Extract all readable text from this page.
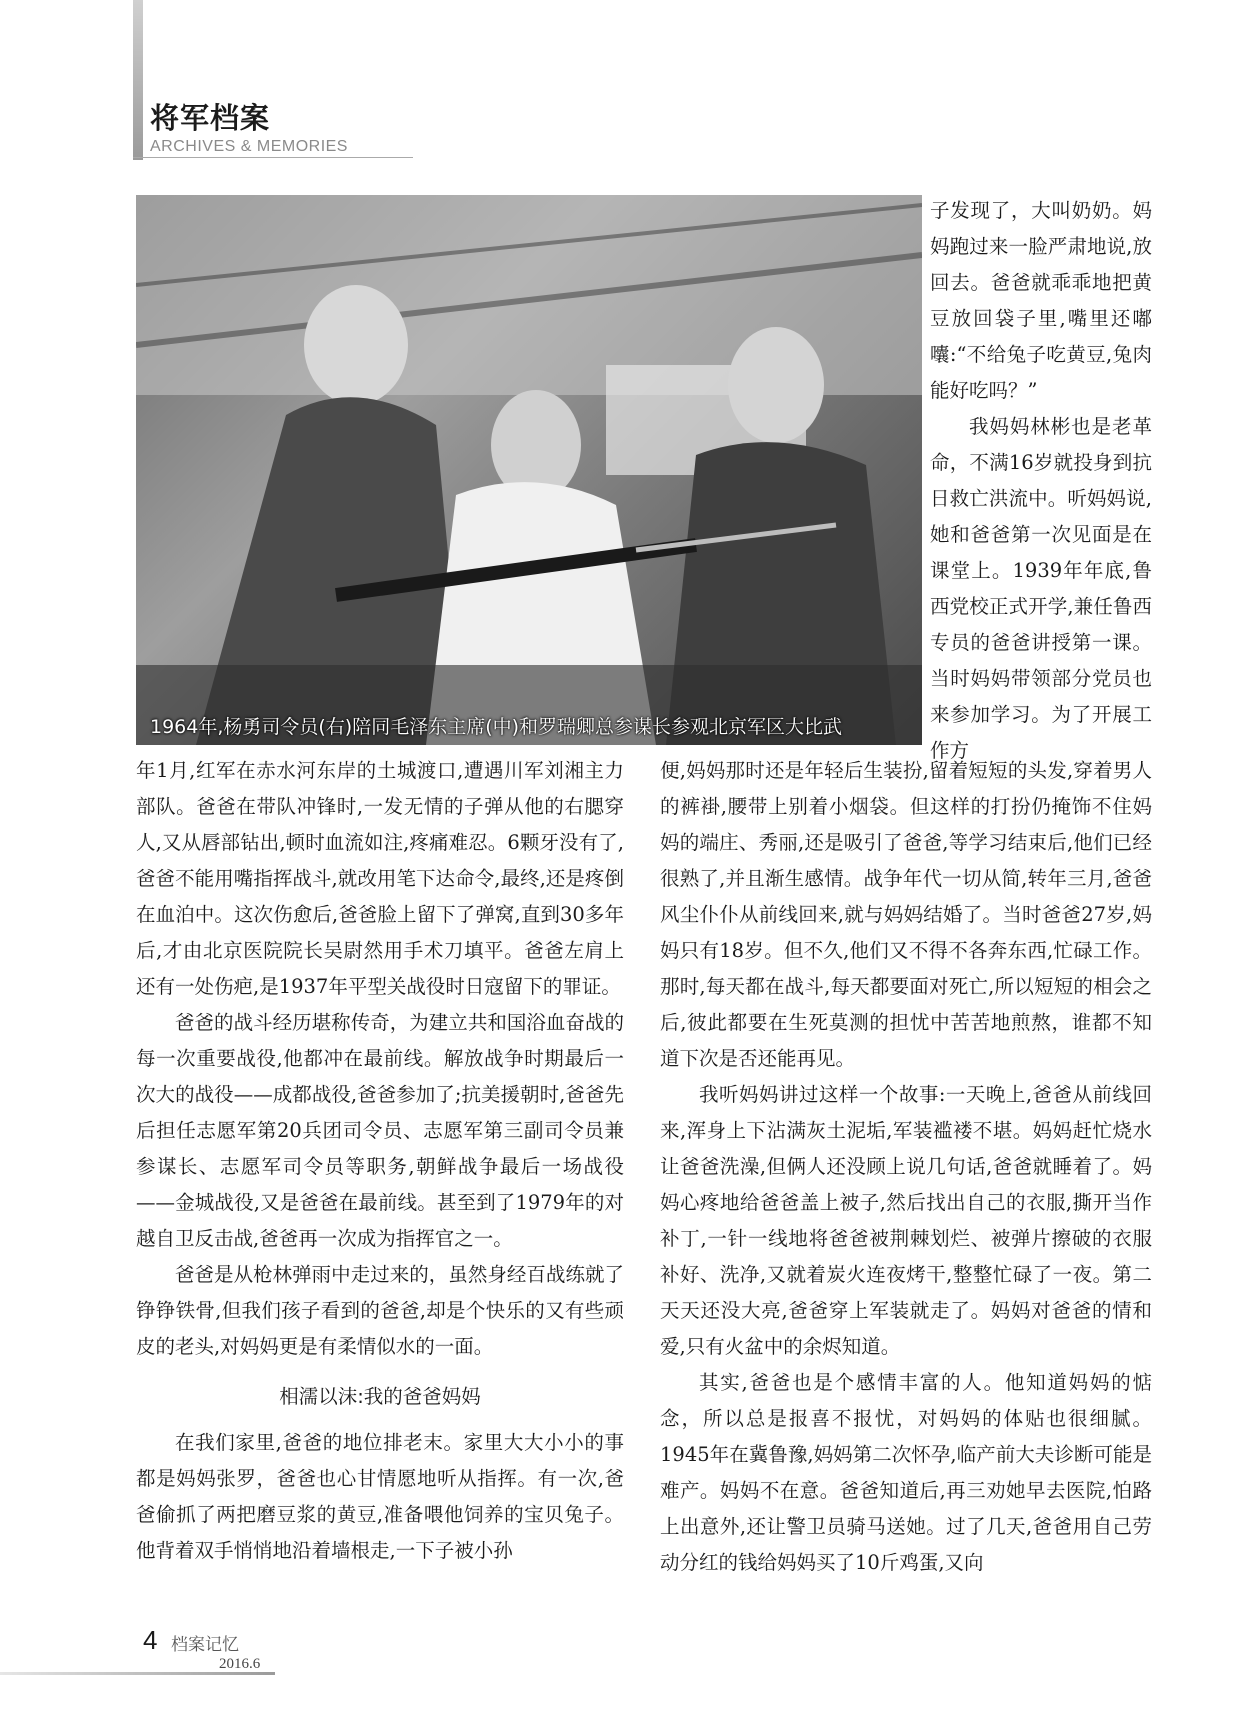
将军档案
ARCHIVES & MEMORIES
1964年,杨勇司令员(右)陪同毛泽东主席(中)和罗瑞卿总参谋长参观北京军区大比武

子发现了，大叫奶奶。妈妈跑过来一脸严肃地说,放回去。爸爸就乖乖地把黄豆放回袋子里,嘴里还嘟囔:“不给兔子吃黄豆,兔肉能好吃吗？”

我妈妈林彬也是老革命，不满16岁就投身到抗日救亡洪流中。听妈妈说,她和爸爸第一次见面是在课堂上。1939年年底,鲁西党校正式开学,兼任鲁西专员的爸爸讲授第一课。当时妈妈带领部分党员也来参加学习。为了开展工作方

年1月,红军在赤水河东岸的土城渡口,遭遇川军刘湘主力部队。爸爸在带队冲锋时,一发无情的子弹从他的右腮穿人,又从唇部钻出,顿时血流如注,疼痛难忍。6颗牙没有了,爸爸不能用嘴指挥战斗,就改用笔下达命令,最终,还是疼倒在血泊中。这次伤愈后,爸爸脸上留下了弹窝,直到30多年后,才由北京医院院长吴尉然用手术刀填平。爸爸左肩上还有一处伤疤,是1937年平型关战役时日寇留下的罪证。

爸爸的战斗经历堪称传奇，为建立共和国浴血奋战的每一次重要战役,他都冲在最前线。解放战争时期最后一次大的战役——成都战役,爸爸参加了;抗美援朝时,爸爸先后担任志愿军第20兵团司令员、志愿军第三副司令员兼参谋长、志愿军司令员等职务,朝鲜战争最后一场战役——金城战役,又是爸爸在最前线。甚至到了1979年的对越自卫反击战,爸爸再一次成为指挥官之一。

爸爸是从枪林弹雨中走过来的，虽然身经百战练就了铮铮铁骨,但我们孩子看到的爸爸,却是个快乐的又有些顽皮的老头,对妈妈更是有柔情似水的一面。

相濡以沫:我的爸爸妈妈

在我们家里,爸爸的地位排老末。家里大大小小的事都是妈妈张罗，爸爸也心甘情愿地听从指挥。有一次,爸爸偷抓了两把磨豆浆的黄豆,准备喂他饲养的宝贝兔子。他背着双手悄悄地沿着墙根走,一下子被小孙

便,妈妈那时还是年轻后生装扮,留着短短的头发,穿着男人的裤褂,腰带上别着小烟袋。但这样的打扮仍掩饰不住妈妈的端庄、秀丽,还是吸引了爸爸,等学习结束后,他们已经很熟了,并且渐生感情。战争年代一切从简,转年三月,爸爸风尘仆仆从前线回来,就与妈妈结婚了。当时爸爸27岁,妈妈只有18岁。但不久,他们又不得不各奔东西,忙碌工作。那时,每天都在战斗,每天都要面对死亡,所以短短的相会之后,彼此都要在生死莫测的担忧中苦苦地煎熬，谁都不知道下次是否还能再见。

我听妈妈讲过这样一个故事:一天晚上,爸爸从前线回来,浑身上下沾满灰土泥垢,军装褴褛不堪。妈妈赶忙烧水让爸爸洗澡,但俩人还没顾上说几句话,爸爸就睡着了。妈妈心疼地给爸爸盖上被子,然后找出自己的衣服,撕开当作补丁,一针一线地将爸爸被荆棘划烂、被弹片擦破的衣服补好、洗净,又就着炭火连夜烤干,整整忙碌了一夜。第二天天还没大亮,爸爸穿上军装就走了。妈妈对爸爸的情和爱,只有火盆中的余烬知道。

其实,爸爸也是个感情丰富的人。他知道妈妈的惦念，所以总是报喜不报忧，对妈妈的体贴也很细腻。1945年在冀鲁豫,妈妈第二次怀孕,临产前大夫诊断可能是难产。妈妈不在意。爸爸知道后,再三劝她早去医院,怕路上出意外,还让警卫员骑马送她。过了几天,爸爸用自己劳动分红的钱给妈妈买了10斤鸡蛋,又向

4 档案记忆
2016.6
